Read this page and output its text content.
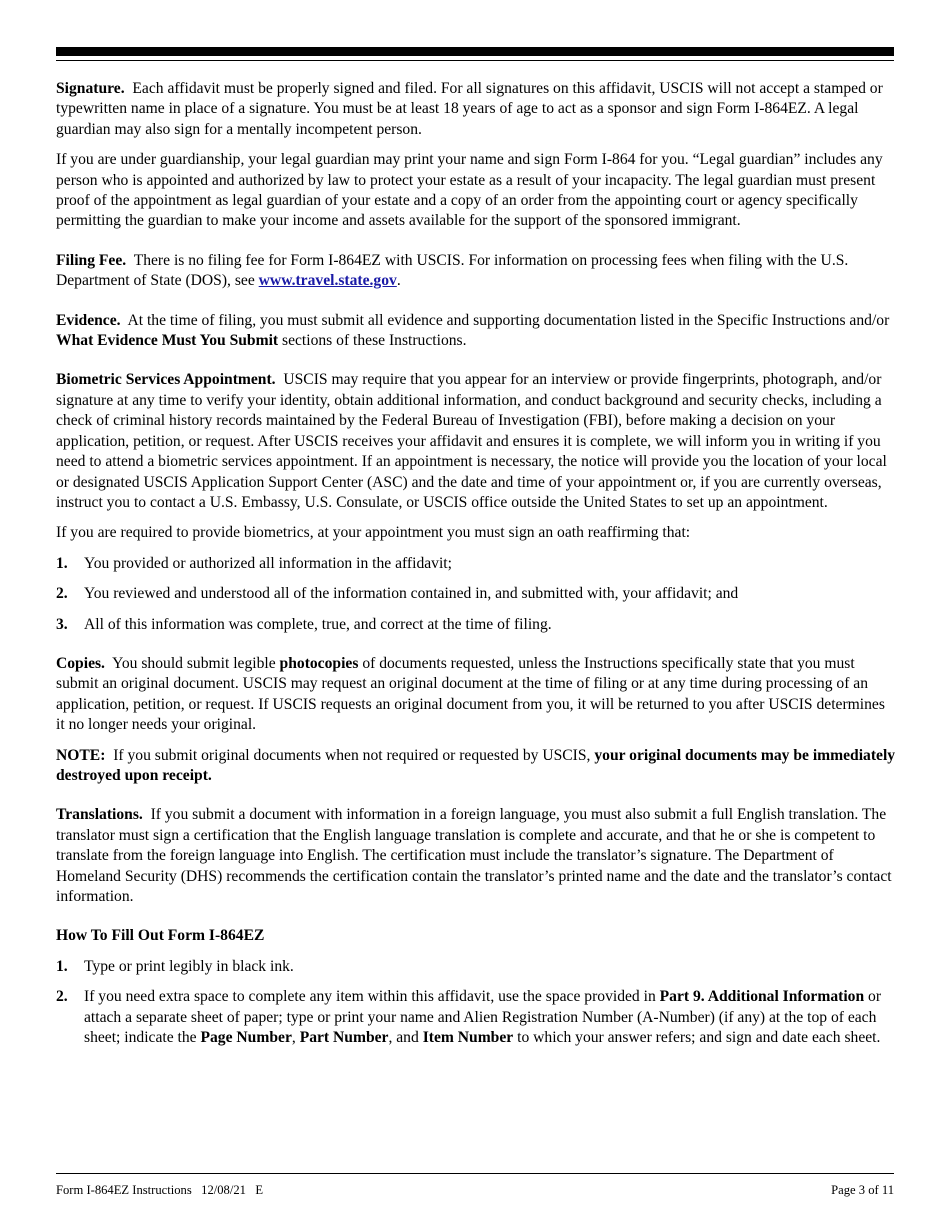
Signature. Each affidavit must be properly signed and filed. For all signatures on this affidavit, USCIS will not accept a stamped or typewritten name in place of a signature. You must be at least 18 years of age to act as a sponsor and sign Form I-864EZ. A legal guardian may also sign for a mentally incompetent person.

If you are under guardianship, your legal guardian may print your name and sign Form I-864 for you. “Legal guardian” includes any person who is appointed and authorized by law to protect your estate as a result of your incapacity. The legal guardian must present proof of the appointment as legal guardian of your estate and a copy of an order from the appointing court or agency specifically permitting the guardian to make your income and assets available for the support of the sponsored immigrant.

Filing Fee. There is no filing fee for Form I-864EZ with USCIS. For information on processing fees when filing with the U.S. Department of State (DOS), see www.travel.state.gov.

Evidence. At the time of filing, you must submit all evidence and supporting documentation listed in the Specific Instructions and/or What Evidence Must You Submit sections of these Instructions.

Biometric Services Appointment. USCIS may require that you appear for an interview or provide fingerprints, photograph, and/or signature at any time to verify your identity, obtain additional information, and conduct background and security checks, including a check of criminal history records maintained by the Federal Bureau of Investigation (FBI), before making a decision on your application, petition, or request. After USCIS receives your affidavit and ensures it is complete, we will inform you in writing if you need to attend a biometric services appointment. If an appointment is necessary, the notice will provide you the location of your local or designated USCIS Application Support Center (ASC) and the date and time of your appointment or, if you are currently overseas, instruct you to contact a U.S. Embassy, U.S. Consulate, or USCIS office outside the United States to set up an appointment.

If you are required to provide biometrics, at your appointment you must sign an oath reaffirming that:

1.	You provided or authorized all information in the affidavit;
2.	You reviewed and understood all of the information contained in, and submitted with, your affidavit; and
3.	All of this information was complete, true, and correct at the time of filing.

Copies. You should submit legible photocopies of documents requested, unless the Instructions specifically state that you must submit an original document. USCIS may request an original document at the time of filing or at any time during processing of an application, petition, or request. If USCIS requests an original document from you, it will be returned to you after USCIS determines it no longer needs your original.

NOTE: If you submit original documents when not required or requested by USCIS, your original documents may be immediately destroyed upon receipt.

Translations. If you submit a document with information in a foreign language, you must also submit a full English translation. The translator must sign a certification that the English language translation is complete and accurate, and that he or she is competent to translate from the foreign language into English. The certification must include the translator’s signature. The Department of Homeland Security (DHS) recommends the certification contain the translator’s printed name and the date and the translator’s contact information.

How To Fill Out Form I-864EZ

1.	Type or print legibly in black ink.
2.	If you need extra space to complete any item within this affidavit, use the space provided in Part 9. Additional Information or attach a separate sheet of paper; type or print your name and Alien Registration Number (A-Number) (if any) at the top of each sheet; indicate the Page Number, Part Number, and Item Number to which your answer refers; and sign and date each sheet.
Form I-864EZ Instructions   12/08/21   E	Page 3 of 11
